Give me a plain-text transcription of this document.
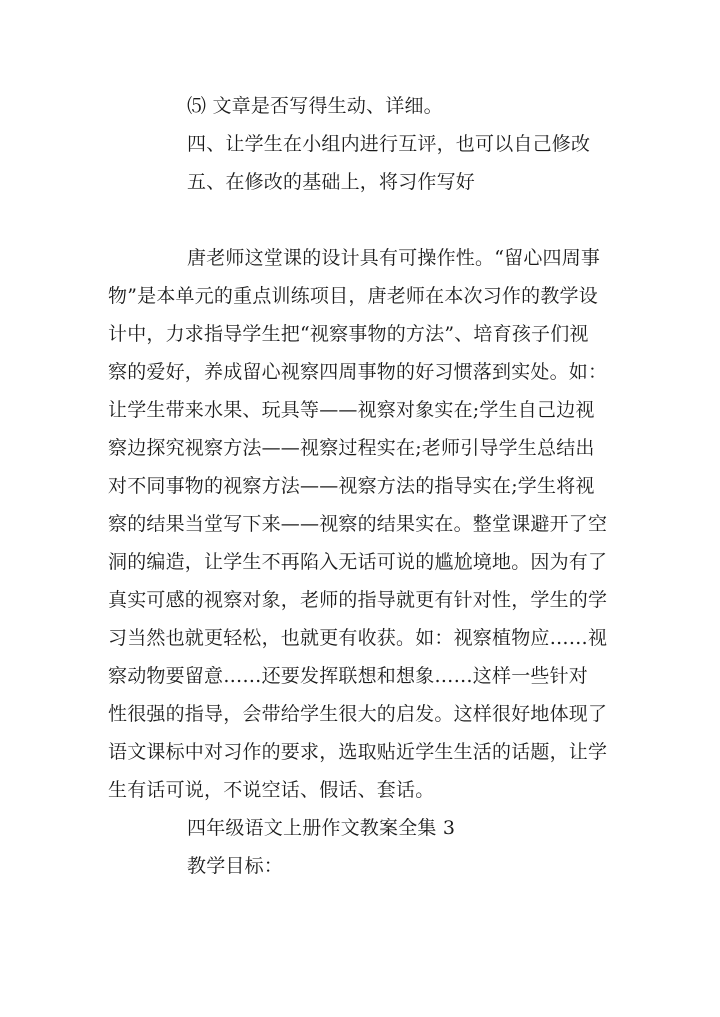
⑸ 文章是否写得生动、详细。
四、让学生在小组内进行互评，也可以自己修改
五、在修改的基础上，将习作写好
唐老师这堂课的设计具有可操作性。“留心四周事
物”是本单元的重点训练项目，唐老师在本次习作的教学设
计中，力求指导学生把“视察事物的方法”、培育孩子们视
察的爱好，养成留心视察四周事物的好习惯落到实处。如：
让学生带来水果、玩具等——视察对象实在;学生自己边视
察边探究视察方法——视察过程实在;老师引导学生总结出
对不同事物的视察方法——视察方法的指导实在;学生将视
察的结果当堂写下来——视察的结果实在。整堂课避开了空
洞的编造，让学生不再陷入无话可说的尴尬境地。因为有了
真实可感的视察对象，老师的指导就更有针对性，学生的学
习当然也就更轻松，也就更有收获。如：视察植物应……视
察动物要留意……还要发挥联想和想象……这样一些针对
性很强的指导，会带给学生很大的启发。这样很好地体现了
语文课标中对习作的要求，选取贴近学生生活的话题，让学
生有话可说，不说空话、假话、套话。
四年级语文上册作文教案全集 3
教学目标：
